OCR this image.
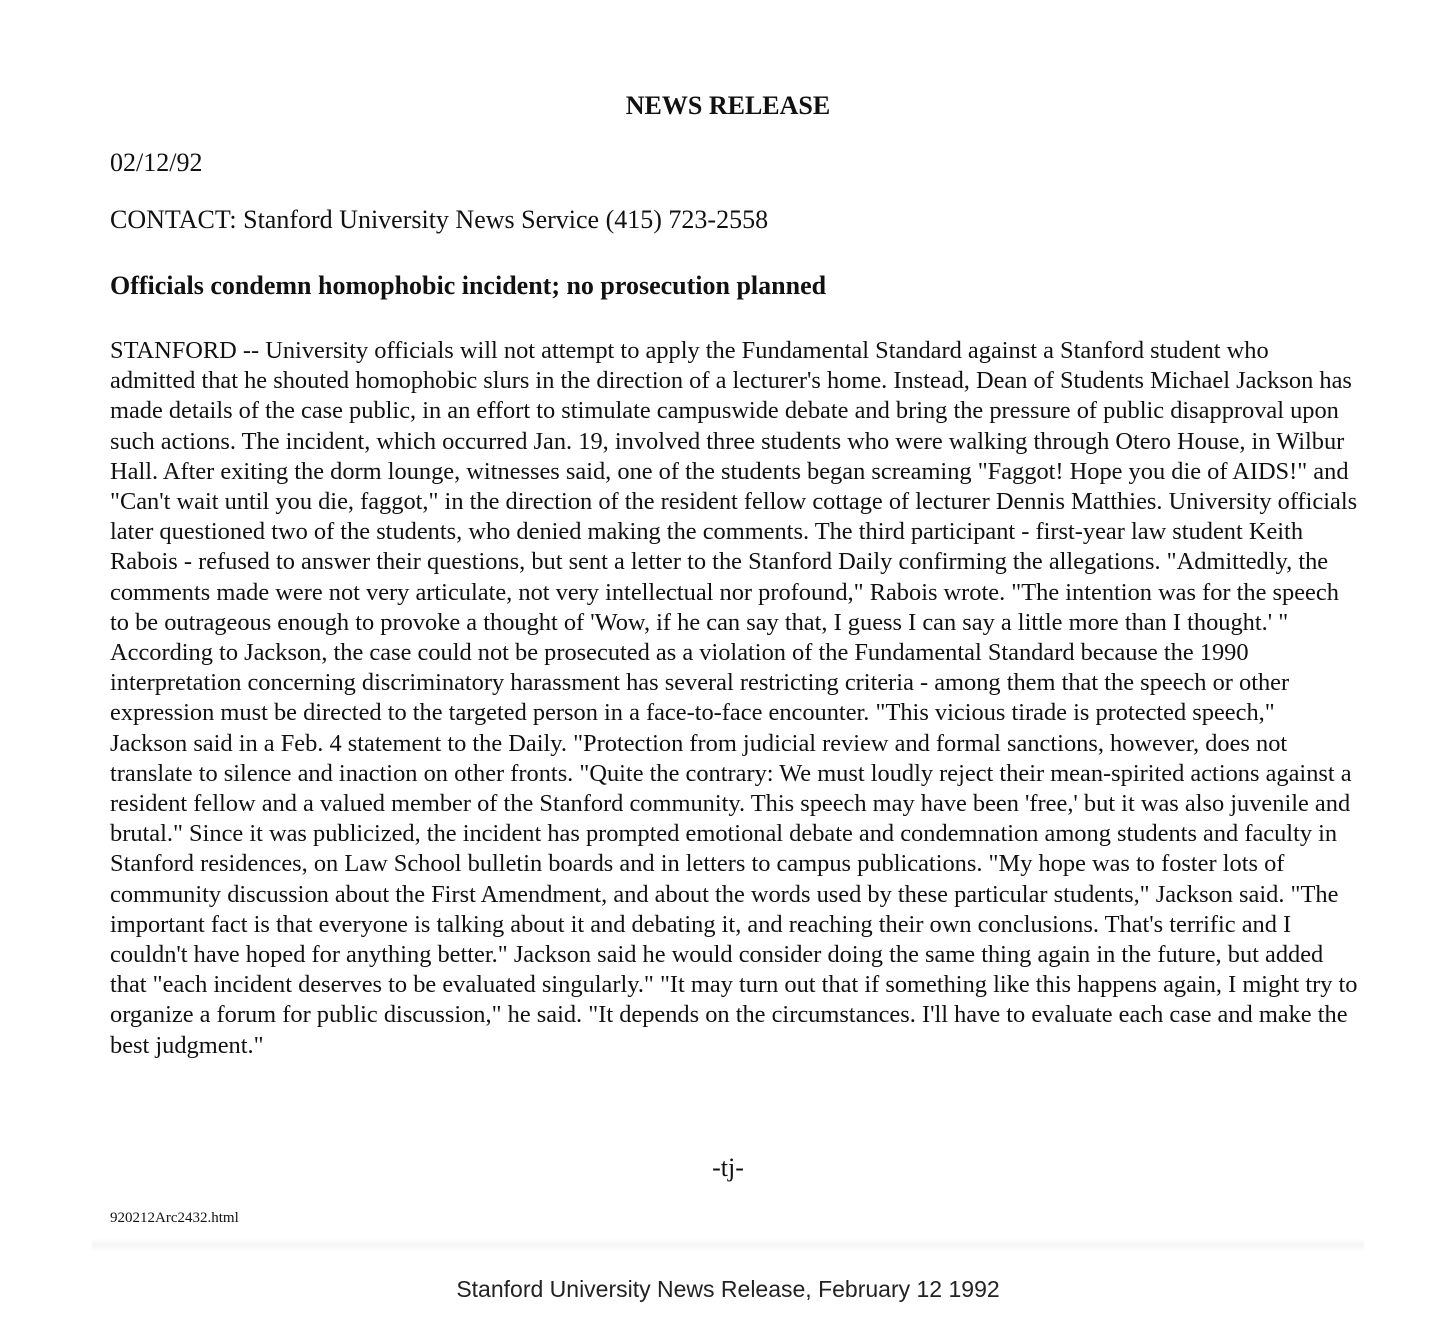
NEWS RELEASE
02/12/92
CONTACT: Stanford University News Service (415) 723-2558
Officials condemn homophobic incident; no prosecution planned

STANFORD -- University officials will not attempt to apply the Fundamental Standard against a Stanford student who admitted that he shouted homophobic slurs in the direction of a lecturer's home. Instead, Dean of Students Michael Jackson has made details of the case public, in an effort to stimulate campuswide debate and bring the pressure of public disapproval upon such actions. The incident, which occurred Jan. 19, involved three students who were walking through Otero House, in Wilbur Hall. After exiting the dorm lounge, witnesses said, one of the students began screaming "Faggot! Hope you die of AIDS!" and "Can't wait until you die, faggot," in the direction of the resident fellow cottage of lecturer Dennis Matthies. University officials later questioned two of the students, who denied making the comments. The third participant - first-year law student Keith Rabois - refused to answer their questions, but sent a letter to the Stanford Daily confirming the allegations. "Admittedly, the comments made were not very articulate, not very intellectual nor profound," Rabois wrote. "The intention was for the speech to be outrageous enough to provoke a thought of 'Wow, if he can say that, I guess I can say a little more than I thought.' " According to Jackson, the case could not be prosecuted as a violation of the Fundamental Standard because the 1990 interpretation concerning discriminatory harassment has several restricting criteria - among them that the speech or other expression must be directed to the targeted person in a face-to-face encounter. "This vicious tirade is protected speech," Jackson said in a Feb. 4 statement to the Daily. "Protection from judicial review and formal sanctions, however, does not translate to silence and inaction on other fronts. "Quite the contrary: We must loudly reject their mean-spirited actions against a resident fellow and a valued member of the Stanford community. This speech may have been 'free,' but it was also juvenile and brutal." Since it was publicized, the incident has prompted emotional debate and condemnation among students and faculty in Stanford residences, on Law School bulletin boards and in letters to campus publications. "My hope was to foster lots of community discussion about the First Amendment, and about the words used by these particular students," Jackson said. "The important fact is that everyone is talking about it and debating it, and reaching their own conclusions. That's terrific and I couldn't have hoped for anything better." Jackson said he would consider doing the same thing again in the future, but added that "each incident deserves to be evaluated singularly." "It may turn out that if something like this happens again, I might try to organize a forum for public discussion," he said. "It depends on the circumstances. I'll have to evaluate each case and make the best judgment."

-tj-
920212Arc2432.html
Stanford University News Release, February 12 1992
